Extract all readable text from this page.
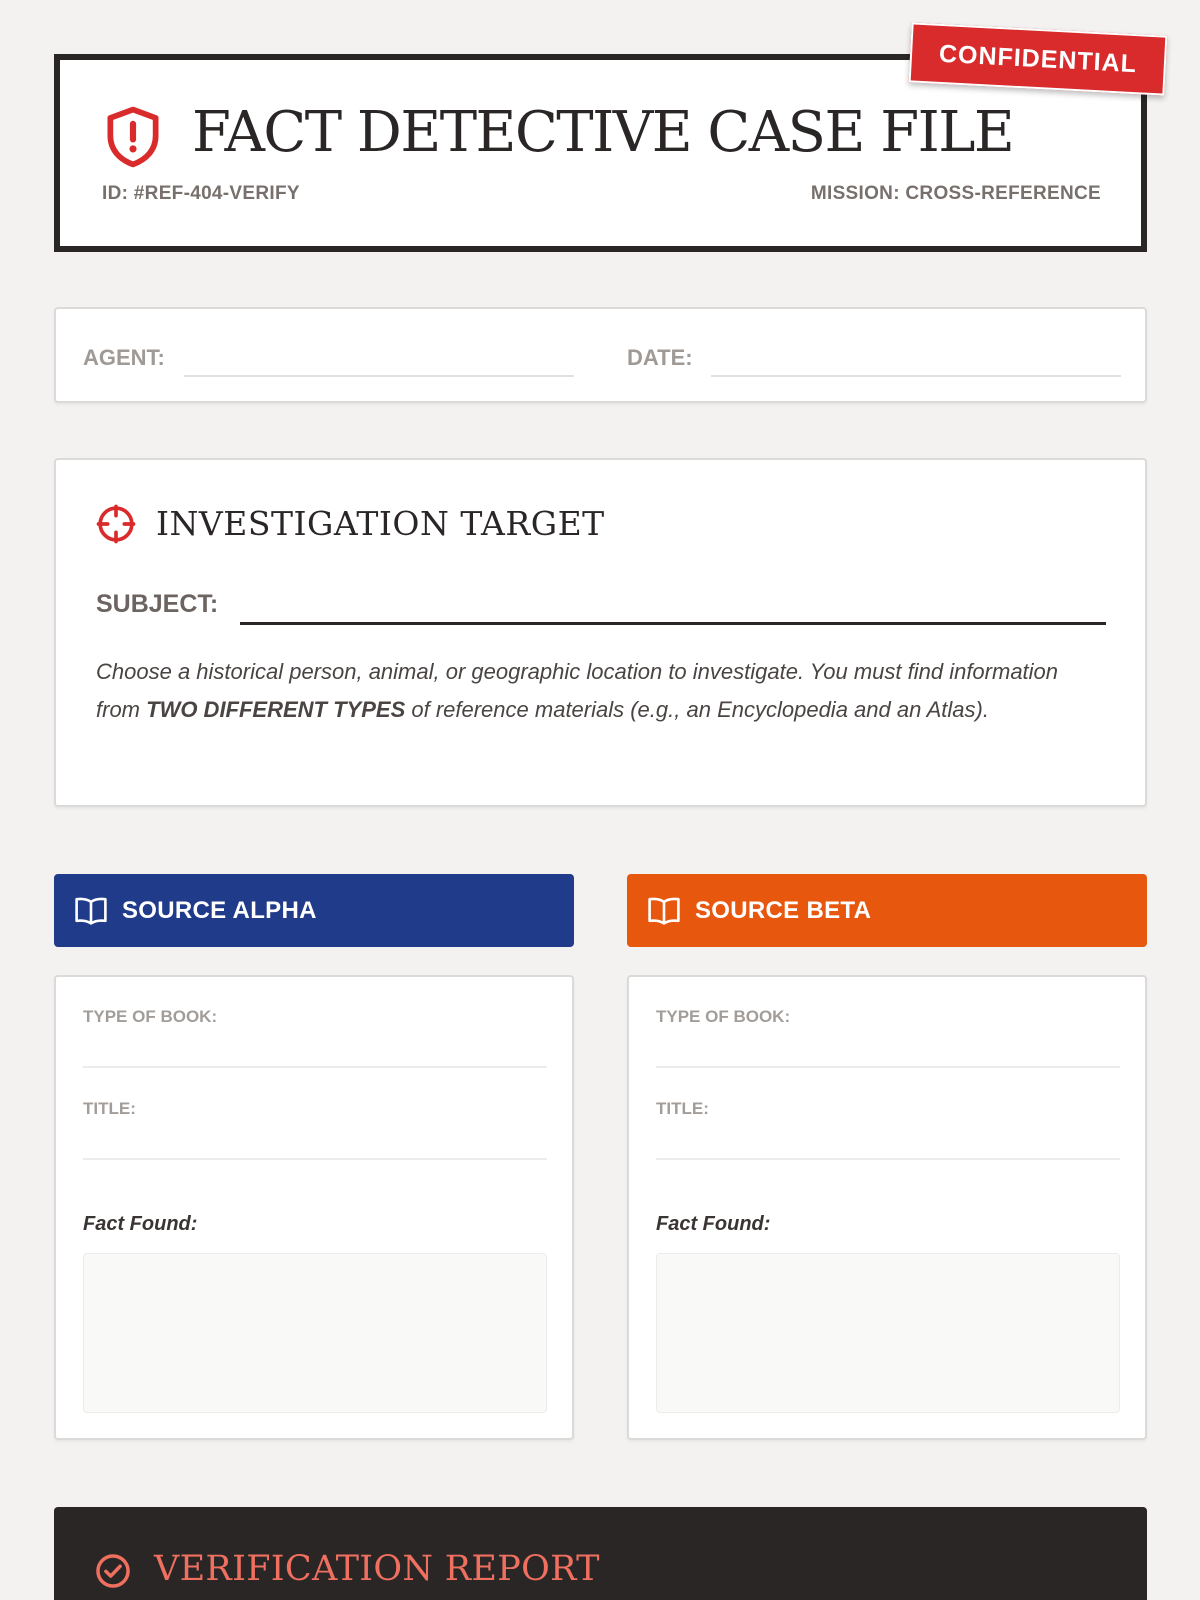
FACT DETECTIVE CASE FILE
ID: #REF-404-VERIFY	MISSION: CROSS-REFERENCE
CONFIDENTIAL
AGENT:	DATE:
INVESTIGATION TARGET
SUBJECT:

Choose a historical person, animal, or geographic location to investigate. You must find information from TWO DIFFERENT TYPES of reference materials (e.g., an Encyclopedia and an Atlas).

SOURCE ALPHA
TYPE OF BOOK:
TITLE:
Fact Found:
SOURCE BETA
TYPE OF BOOK:
TITLE:
Fact Found:
VERIFICATION REPORT
